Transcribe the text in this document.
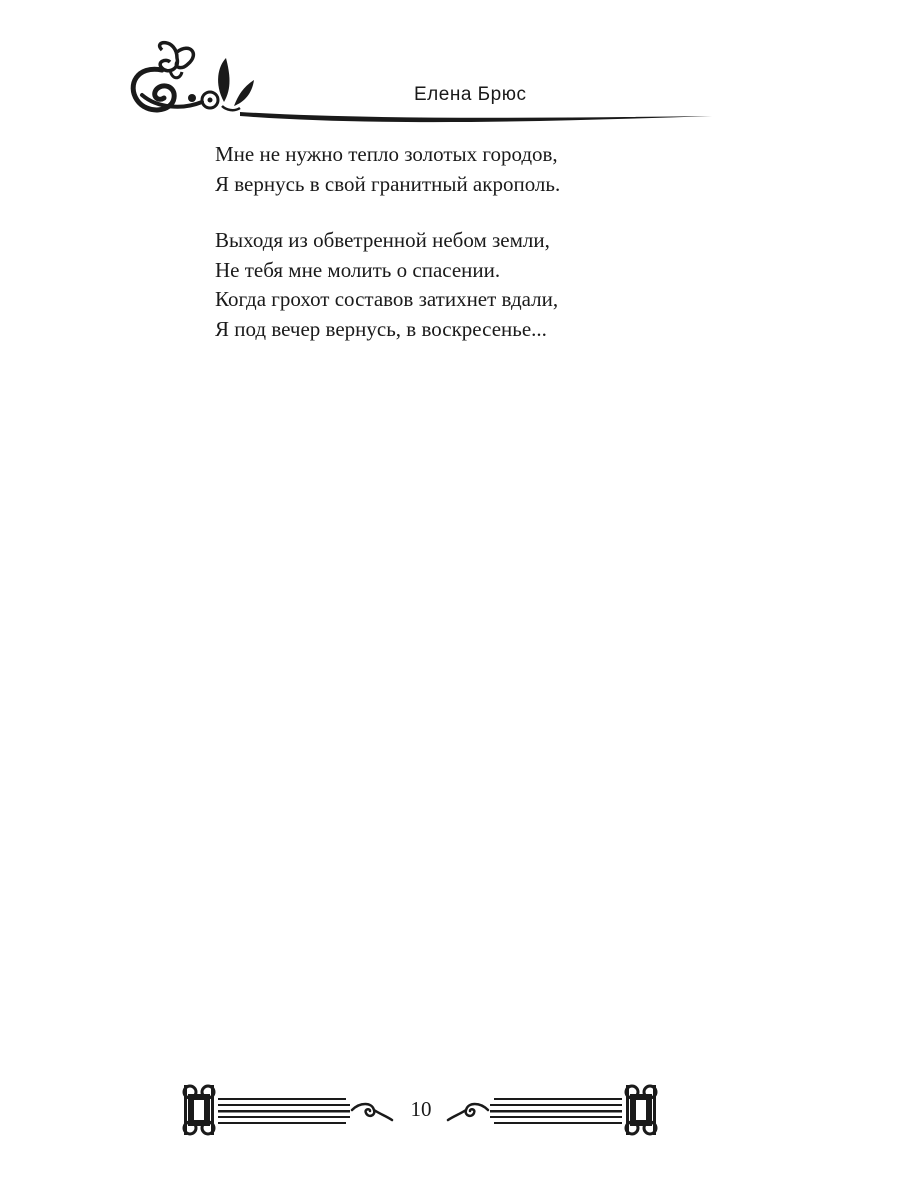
Елена Брюс
Мне не нужно тепло золотых городов,
Я вернусь в свой гранитный акрополь.
Выходя из обветренной небом земли,
Не тебя мне молить о спасении.
Когда грохот составов затихнет вдали,
Я под вечер вернусь, в воскресенье...
10
